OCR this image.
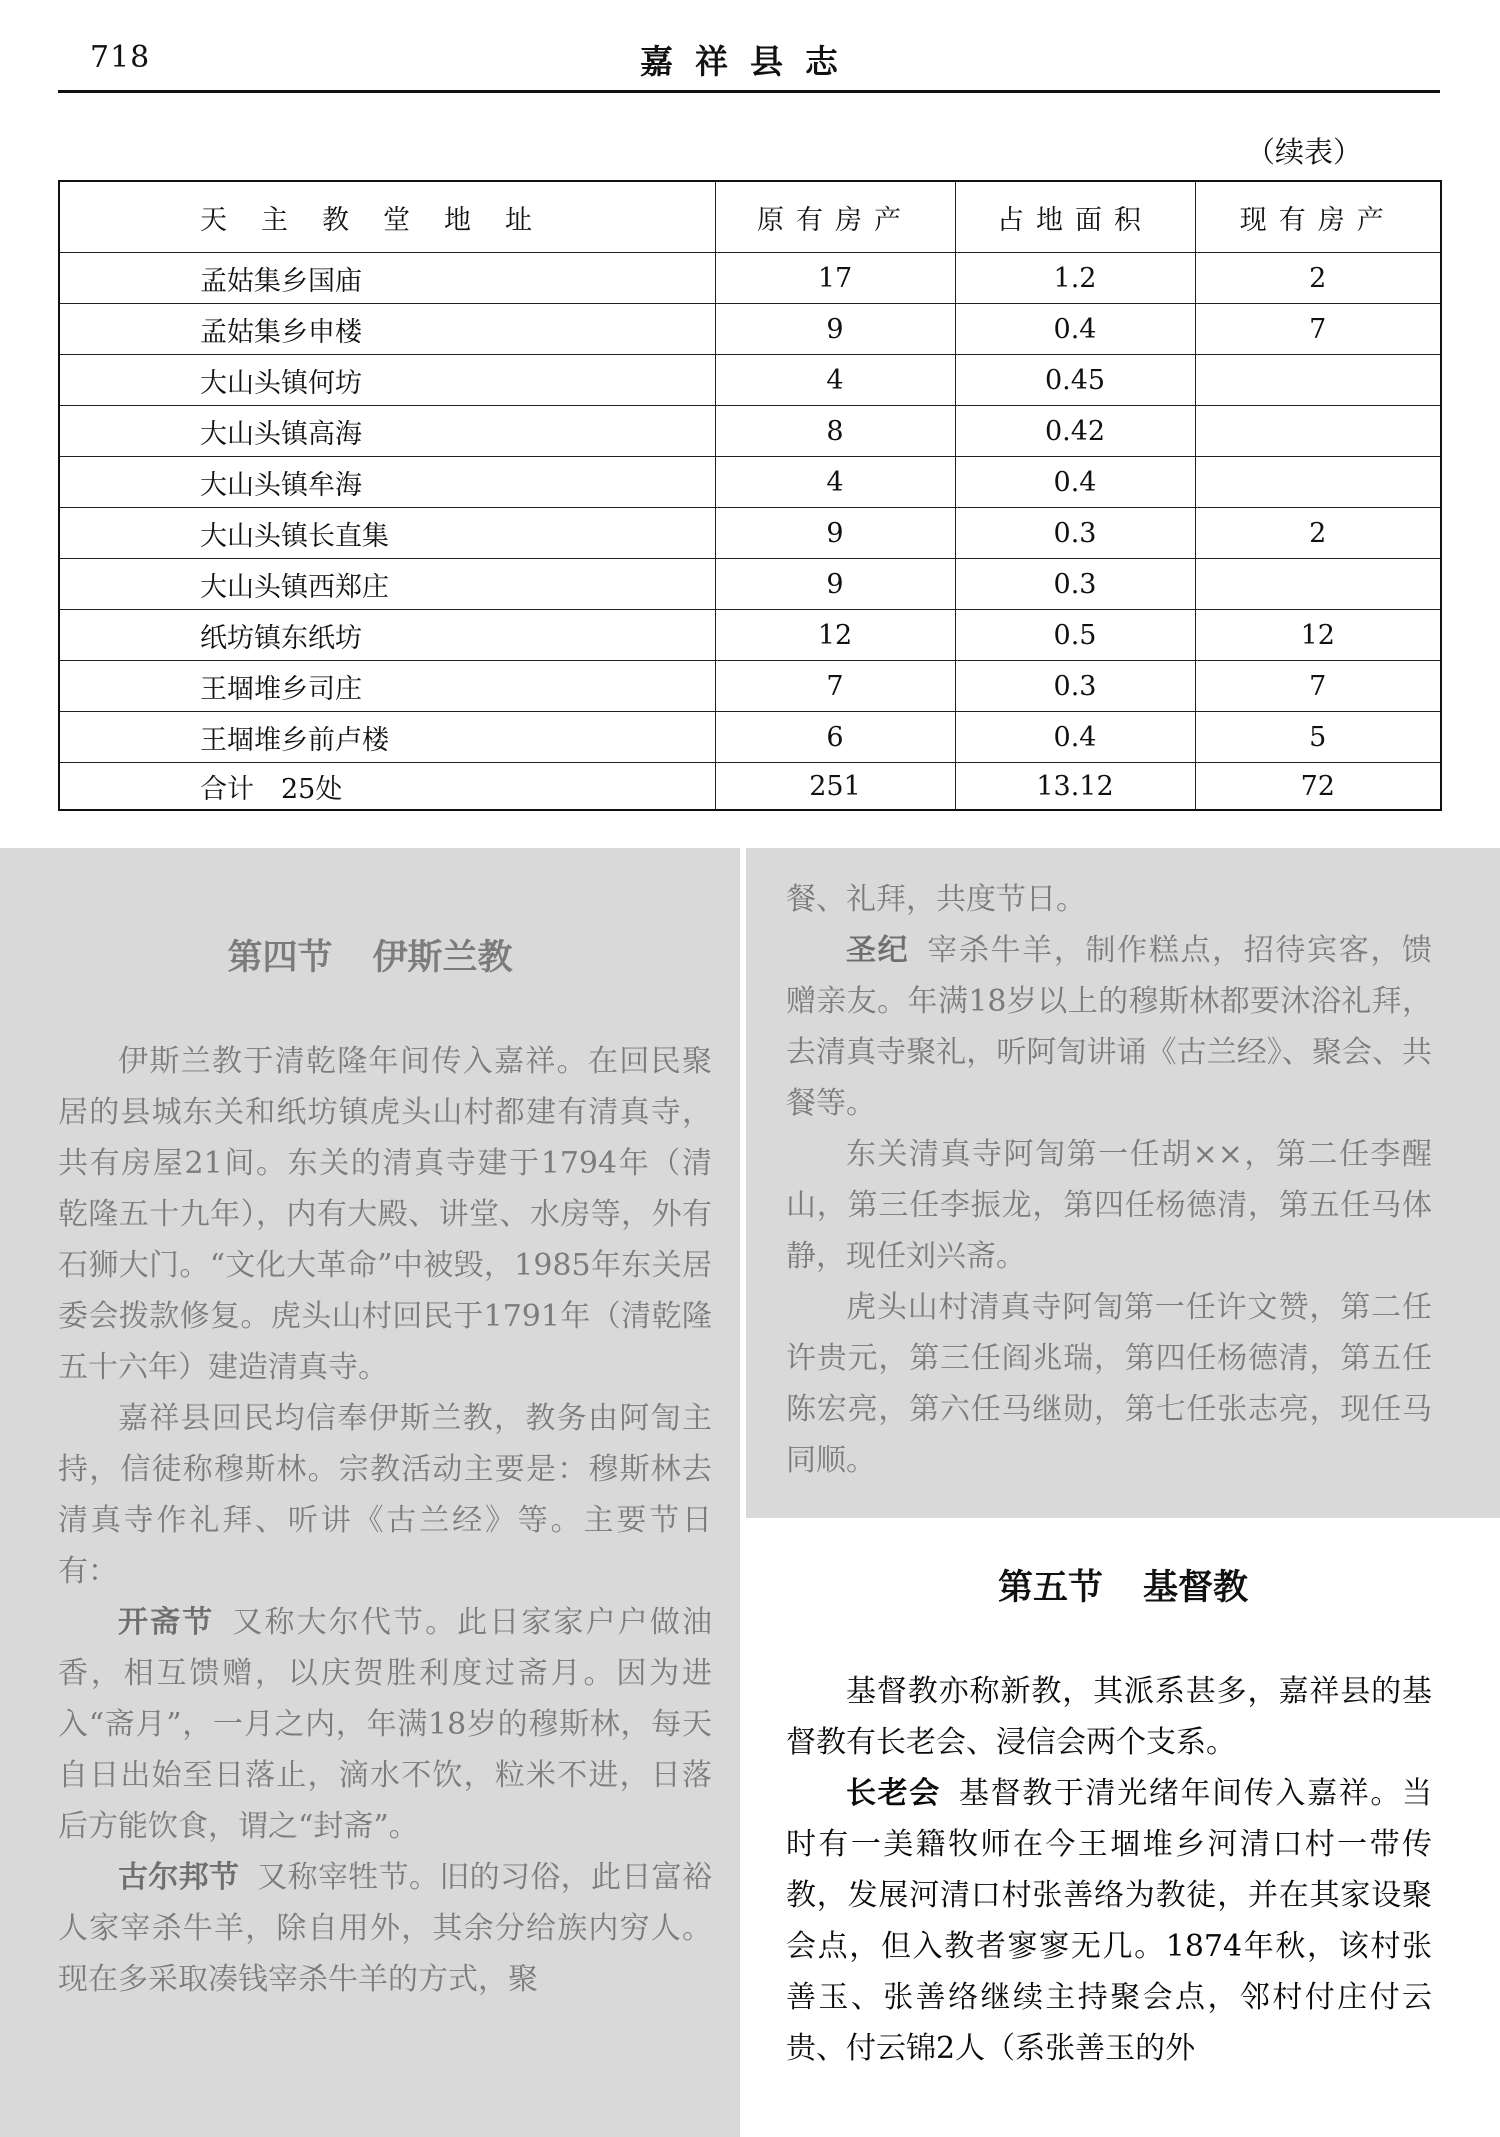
718	嘉祥县志
（续表）
天主教堂地址	原有房产	占地面积	现有房产
孟姑集乡国庙	17	1.2	2
孟姑集乡申楼	9	0.4	7
大山头镇何坊	4	0.45	
大山头镇高海	8	0.42	
大山头镇牟海	4	0.4	
大山头镇长直集	9	0.3	2
大山头镇西郑庄	9	0.3	
纸坊镇东纸坊	12	0.5	12
王堌堆乡司庄	7	0.3	7
王堌堆乡前卢楼	6	0.4	5
合计　25处	251	13.12	72
第四节 伊斯兰教

伊斯兰教于清乾隆年间传入嘉祥。在回民聚居的县城东关和纸坊镇虎头山村都建有清真寺，共有房屋21间。东关的清真寺建于1794年（清乾隆五十九年），内有大殿、讲堂、水房等，外有石狮大门。“文化大革命”中被毁，1985年东关居委会拨款修复。虎头山村回民于1791年（清乾隆五十六年）建造清真寺。

嘉祥县回民均信奉伊斯兰教，教务由阿訇主持，信徒称穆斯林。宗教活动主要是：穆斯林去清真寺作礼拜、听讲《古兰经》等。主要节日有：

开斋节 又称大尔代节。此日家家户户做油香，相互馈赠，以庆贺胜利度过斋月。因为进入“斋月”，一月之内，年满18岁的穆斯林，每天自日出始至日落止，滴水不饮，粒米不进，日落后方能饮食，谓之“封斋”。

古尔邦节 又称宰牲节。旧的习俗，此日富裕人家宰杀牛羊，除自用外，其余分给族内穷人。现在多采取凑钱宰杀牛羊的方式，聚

餐、礼拜，共度节日。

圣纪 宰杀牛羊，制作糕点，招待宾客，馈赠亲友。年满18岁以上的穆斯林都要沐浴礼拜，去清真寺聚礼，听阿訇讲诵《古兰经》、聚会、共餐等。

东关清真寺阿訇第一任胡××，第二任李醒山，第三任李振龙，第四任杨德清，第五任马体静，现任刘兴斋。

虎头山村清真寺阿訇第一任许文赞，第二任许贵元，第三任阎兆瑞，第四任杨德清，第五任陈宏亮，第六任马继勋，第七任张志亮，现任马同顺。

第五节 基督教

基督教亦称新教，其派系甚多，嘉祥县的基督教有长老会、浸信会两个支系。

长老会 基督教于清光绪年间传入嘉祥。当时有一美籍牧师在今王堌堆乡河清口村一带传教，发展河清口村张善络为教徒，并在其家设聚会点，但入教者寥寥无几。1874年秋，该村张善玉、张善络继续主持聚会点，邻村付庄付云贵、付云锦2人（系张善玉的外
